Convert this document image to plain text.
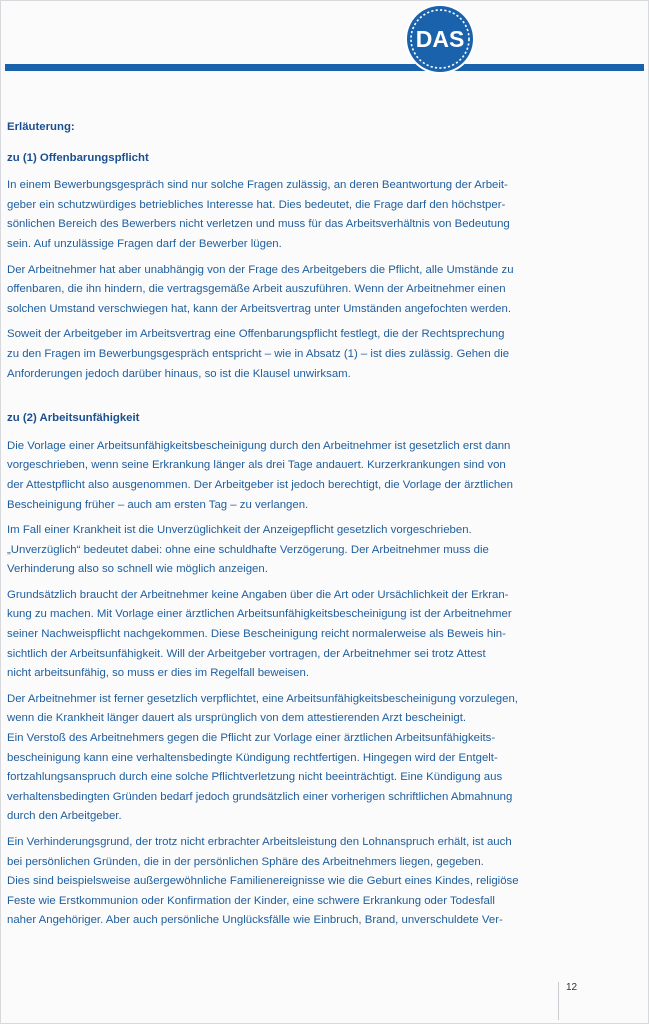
DAS
Erläuterung:
zu (1) Offenbarungspflicht

In einem Bewerbungsgespräch sind nur solche Fragen zulässig, an deren Beantwortung der Arbeit-
geber ein schutzwürdiges betriebliches Interesse hat. Dies bedeutet, die Frage darf den höchstper-
sönlichen Bereich des Bewerbers nicht verletzen und muss für das Arbeitsverhältnis von Bedeutung
sein. Auf unzulässige Fragen darf der Bewerber lügen.

Der Arbeitnehmer hat aber unabhängig von der Frage des Arbeitgebers die Pflicht, alle Umstände zu
offenbaren, die ihn hindern, die vertragsgemäße Arbeit auszuführen. Wenn der Arbeitnehmer einen
solchen Umstand verschwiegen hat, kann der Arbeitsvertrag unter Umständen angefochten werden.

Soweit der Arbeitgeber im Arbeitsvertrag eine Offenbarungspflicht festlegt, die der Rechtsprechung
zu den Fragen im Bewerbungsgespräch entspricht – wie in Absatz (1) – ist dies zulässig. Gehen die
Anforderungen jedoch darüber hinaus, so ist die Klausel unwirksam.

zu (2) Arbeitsunfähigkeit

Die Vorlage einer Arbeitsunfähigkeitsbescheinigung durch den Arbeitnehmer ist gesetzlich erst dann
vorgeschrieben, wenn seine Erkrankung länger als drei Tage andauert. Kurzerkrankungen sind von
der Attestpflicht also ausgenommen. Der Arbeitgeber ist jedoch berechtigt, die Vorlage der ärztlichen
Bescheinigung früher – auch am ersten Tag – zu verlangen.

Im Fall einer Krankheit ist die Unverzüglichkeit der Anzeigepflicht gesetzlich vorgeschrieben.
„Unverzüglich“ bedeutet dabei: ohne eine schuldhafte Verzögerung. Der Arbeitnehmer muss die
Verhinderung also so schnell wie möglich anzeigen.

Grundsätzlich braucht der Arbeitnehmer keine Angaben über die Art oder Ursächlichkeit der Erkran-
kung zu machen. Mit Vorlage einer ärztlichen Arbeitsunfähigkeitsbescheinigung ist der Arbeitnehmer
seiner Nachweispflicht nachgekommen. Diese Bescheinigung reicht normalerweise als Beweis hin-
sichtlich der Arbeitsunfähigkeit. Will der Arbeitgeber vortragen, der Arbeitnehmer sei trotz Attest
nicht arbeitsunfähig, so muss er dies im Regelfall beweisen.

Der Arbeitnehmer ist ferner gesetzlich verpflichtet, eine Arbeitsunfähigkeitsbescheinigung vorzulegen,
wenn die Krankheit länger dauert als ursprünglich von dem attestierenden Arzt bescheinigt.
Ein Verstoß des Arbeitnehmers gegen die Pflicht zur Vorlage einer ärztlichen Arbeitsunfähigkeits-
bescheinigung kann eine verhaltensbedingte Kündigung rechtfertigen. Hingegen wird der Entgelt-
fortzahlungsanspruch durch eine solche Pflichtverletzung nicht beeinträchtigt. Eine Kündigung aus
verhaltensbedingten Gründen bedarf jedoch grundsätzlich einer vorherigen schriftlichen Abmahnung
durch den Arbeitgeber.

Ein Verhinderungsgrund, der trotz nicht erbrachter Arbeitsleistung den Lohnanspruch erhält, ist auch
bei persönlichen Gründen, die in der persönlichen Sphäre des Arbeitnehmers liegen, gegeben.
Dies sind beispielsweise außergewöhnliche Familienereignisse wie die Geburt eines Kindes, religiöse
Feste wie Erstkommunion oder Konfirmation der Kinder, eine schwere Erkrankung oder Todesfall
naher Angehöriger. Aber auch persönliche Unglücksfälle wie Einbruch, Brand, unverschuldete Ver-

12
